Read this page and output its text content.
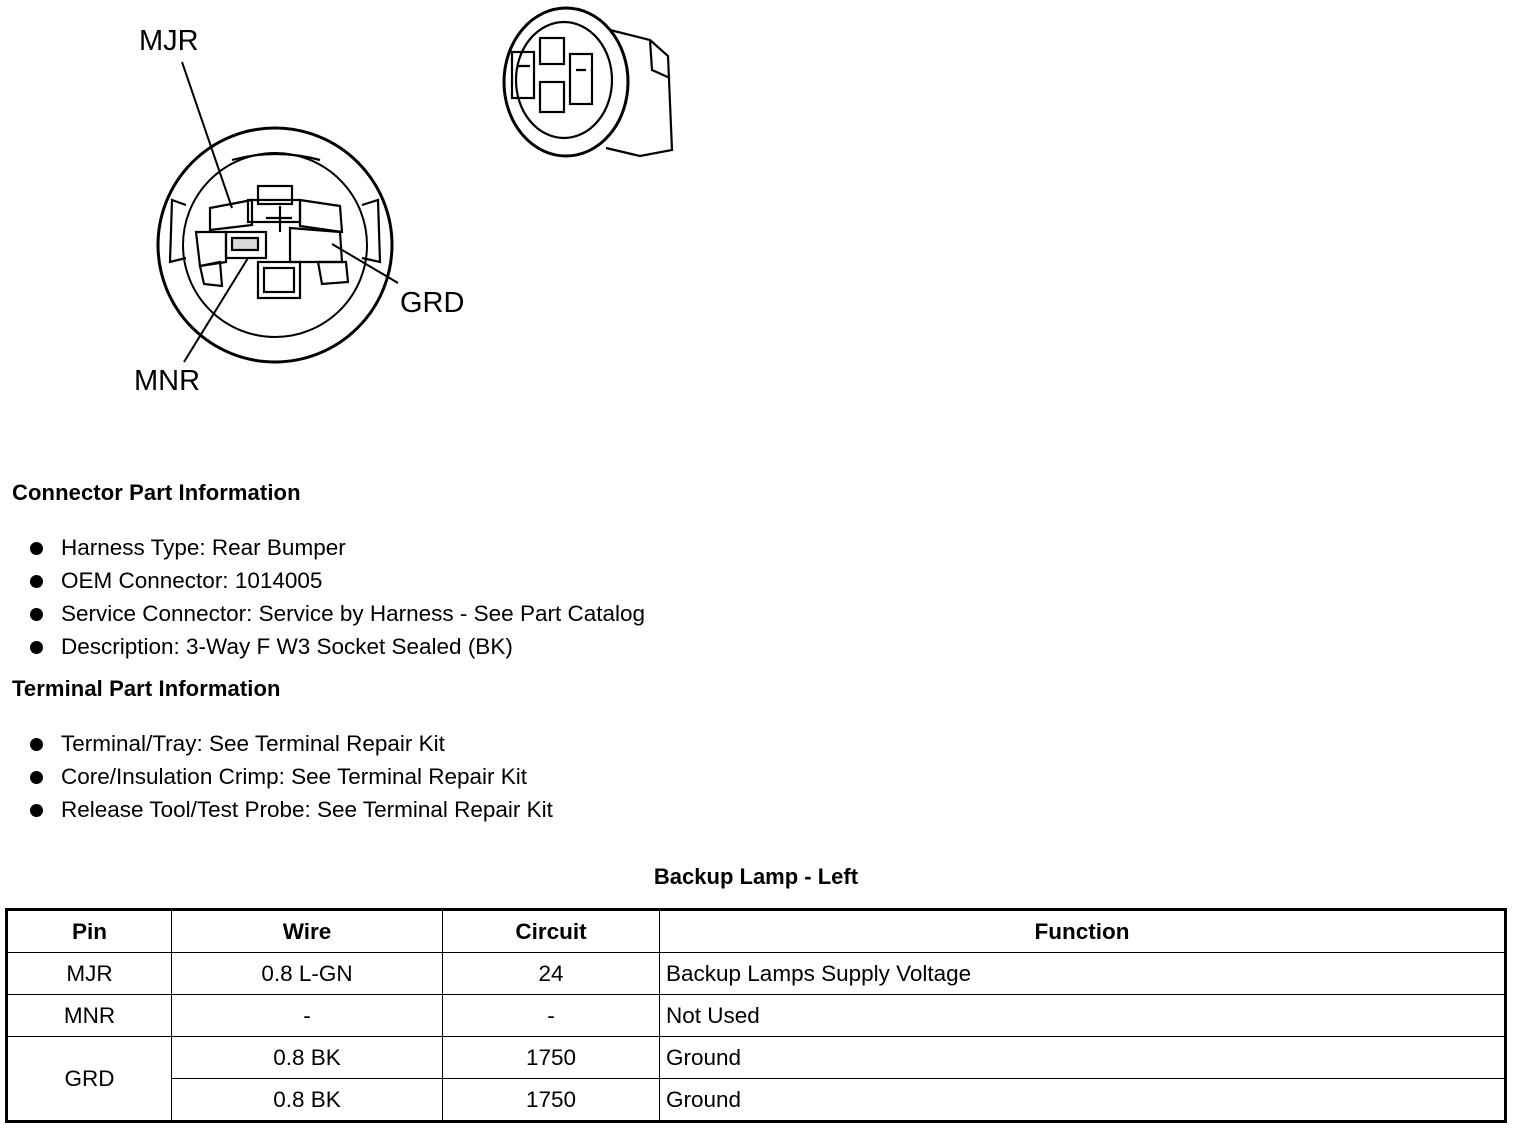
MJR
GRD
MNR
Connector Part Information
Harness Type: Rear Bumper
OEM Connector: 1014005
Service Connector: Service by Harness - See Part Catalog
Description: 3-Way F W3 Socket Sealed (BK)
Terminal Part Information
Terminal/Tray: See Terminal Repair Kit
Core/Insulation Crimp: See Terminal Repair Kit
Release Tool/Test Probe: See Terminal Repair Kit
Backup Lamp - Left
Pin	Wire	Circuit	Function
MJR	0.8 L-GN	24	Backup Lamps Supply Voltage
MNR	-	-	Not Used
GRD	0.8 BK	1750	Ground
	0.8 BK	1750	Ground
